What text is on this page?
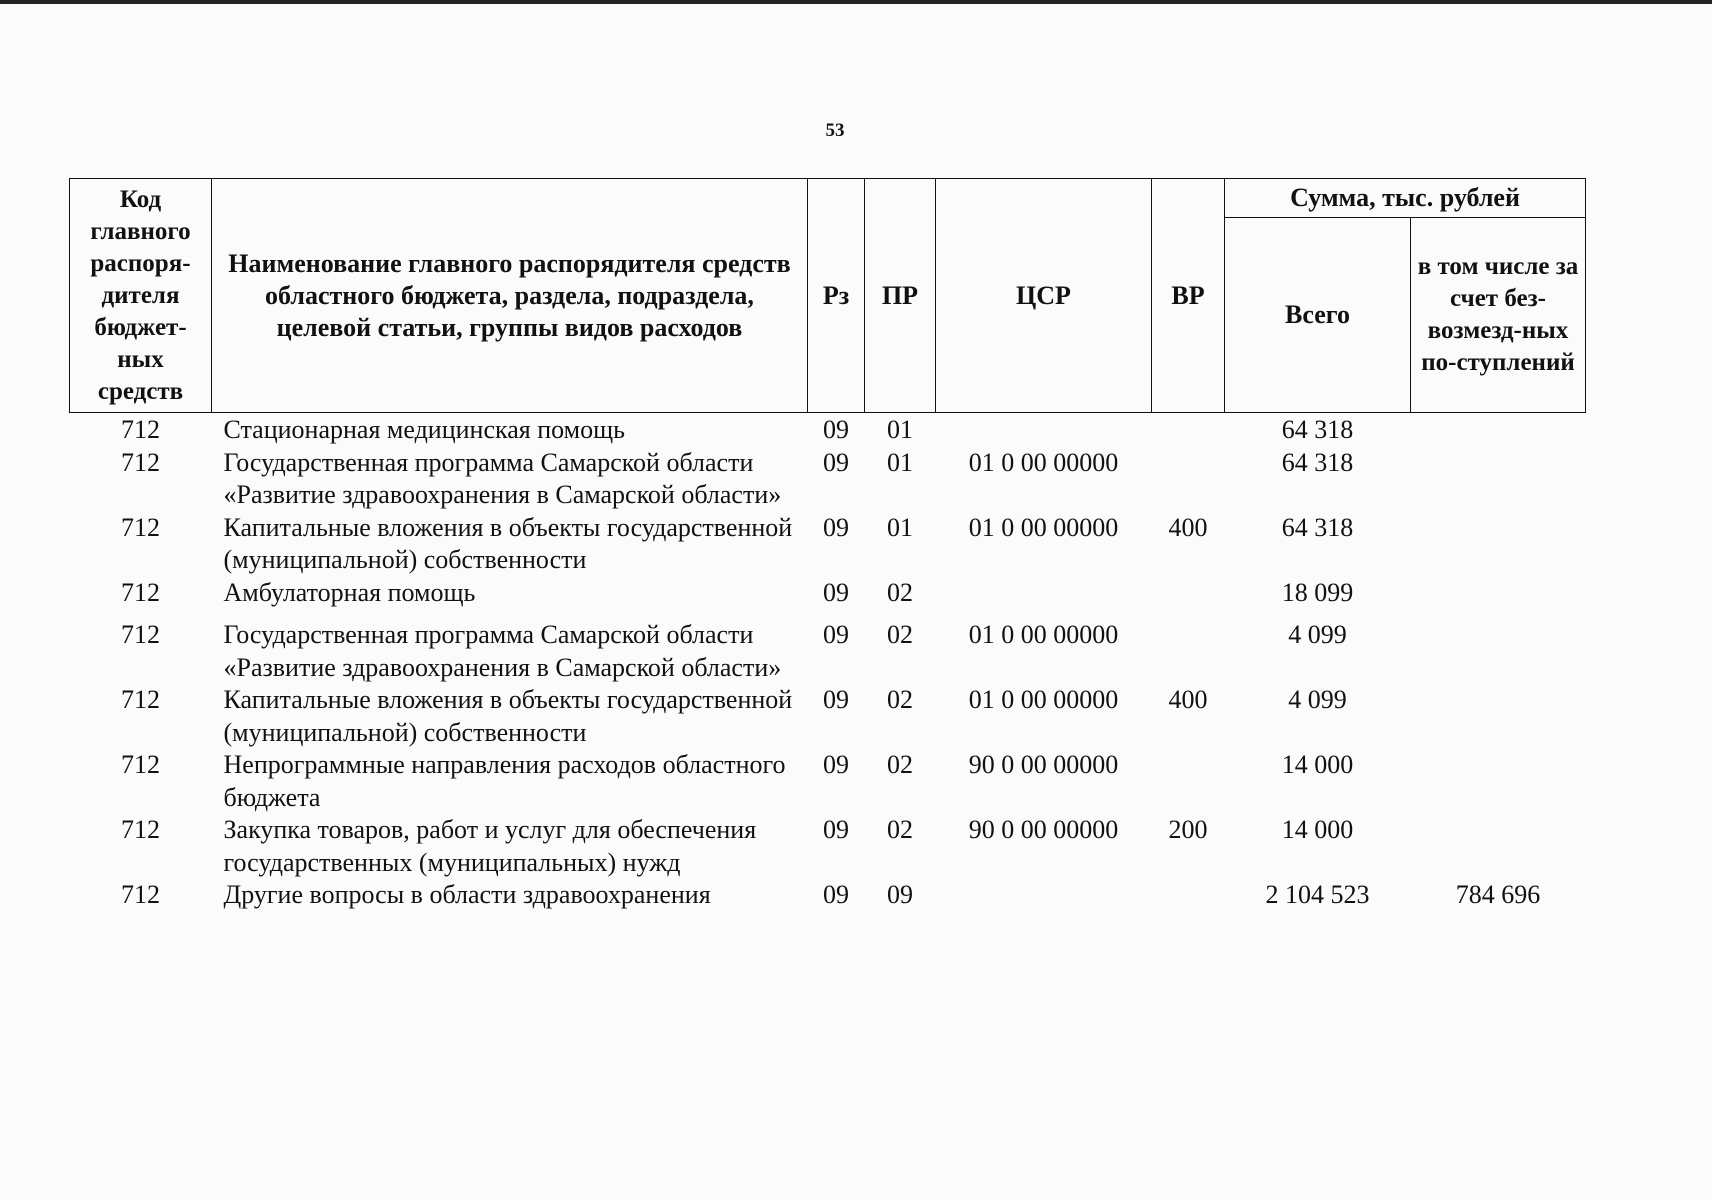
53
Код главного распоря-дителя бюджет-ных средств	Наименование главного распорядителя средств областного бюджета, раздела, подраздела, целевой статьи, группы видов расходов	Рз	ПР	ЦСР	ВР	Сумма, тыс. рублей	
						Всего	в том числе за счет без-возмезд-ных по-ступлений
712	Стационарная медицинская помощь	09	01			64 318	
712	Государственная программа Самарской области «Развитие здравоохранения в Самарской области»	09	01	01 0 00 00000		64 318	
712	Капитальные вложения в объекты государственной (муниципальной) собственности	09	01	01 0 00 00000	400	64 318	
712	Амбулаторная помощь	09	02			18 099	
712	Государственная программа Самарской области «Развитие здравоохранения в Самарской области»	09	02	01 0 00 00000		4 099	
712	Капитальные вложения в объекты государственной (муниципальной) собственности	09	02	01 0 00 00000	400	4 099	
712	Непрограммные направления расходов областного бюджета	09	02	90 0 00 00000		14 000	
712	Закупка товаров, работ и услуг для обеспечения государственных (муниципальных) нужд	09	02	90 0 00 00000	200	14 000	
712	Другие вопросы в области здравоохранения	09	09			2 104 523	784 696
